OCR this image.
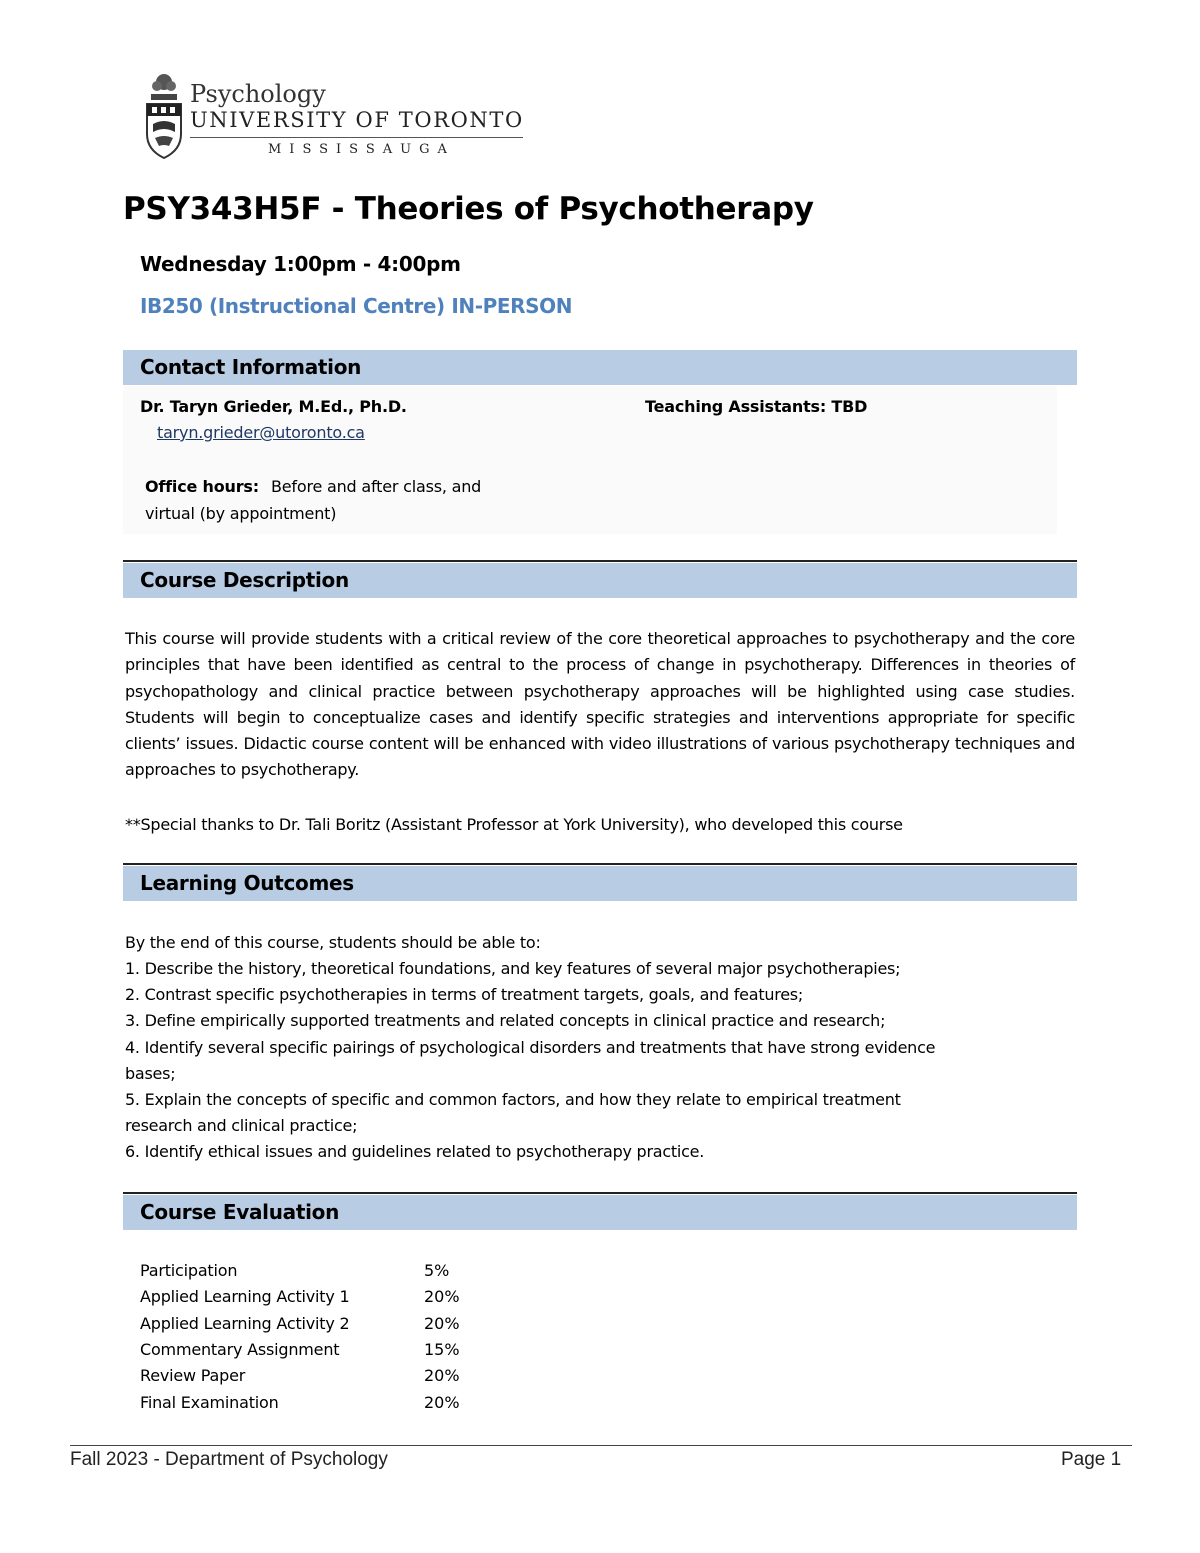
Psychology
UNIVERSITY OF TORONTO
MISSISSAUGA
PSY343H5F - Theories of Psychotherapy
Wednesday 1:00pm - 4:00pm
IB250 (Instructional Centre) IN-PERSON
Contact Information
Dr. Taryn Grieder, M.Ed., Ph.D.
taryn.grieder@utoronto.ca
Office hours: Before and after class, and
virtual (by appointment)
Teaching Assistants: TBD
Course Description
This course will provide students with a critical review of the core theoretical approaches to psychotherapy and the core principles that have been identified as central to the process of change in psychotherapy. Differences in theories of psychopathology and clinical practice between psychotherapy approaches will be highlighted using case studies. Students will begin to conceptualize cases and identify specific strategies and interventions appropriate for specific clients’ issues. Didactic course content will be enhanced with video illustrations of various psychotherapy techniques and approaches to psychotherapy.
**Special thanks to Dr. Tali Boritz (Assistant Professor at York University), who developed this course
Learning Outcomes
By the end of this course, students should be able to:
1. Describe the history, theoretical foundations, and key features of several major psychotherapies;
2. Contrast specific psychotherapies in terms of treatment targets, goals, and features;
3. Define empirically supported treatments and related concepts in clinical practice and research;
4. Identify several specific pairings of psychological disorders and treatments that have strong evidence
bases;
5. Explain the concepts of specific and common factors, and how they relate to empirical treatment
research and clinical practice;
6. Identify ethical issues and guidelines related to psychotherapy practice.
Course Evaluation
Participation	5%
Applied Learning Activity 1	20%
Applied Learning Activity 2	20%
Commentary Assignment	15%
Review Paper	20%
Final Examination	20%
Fall 2023 - Department of Psychology	Page 1
